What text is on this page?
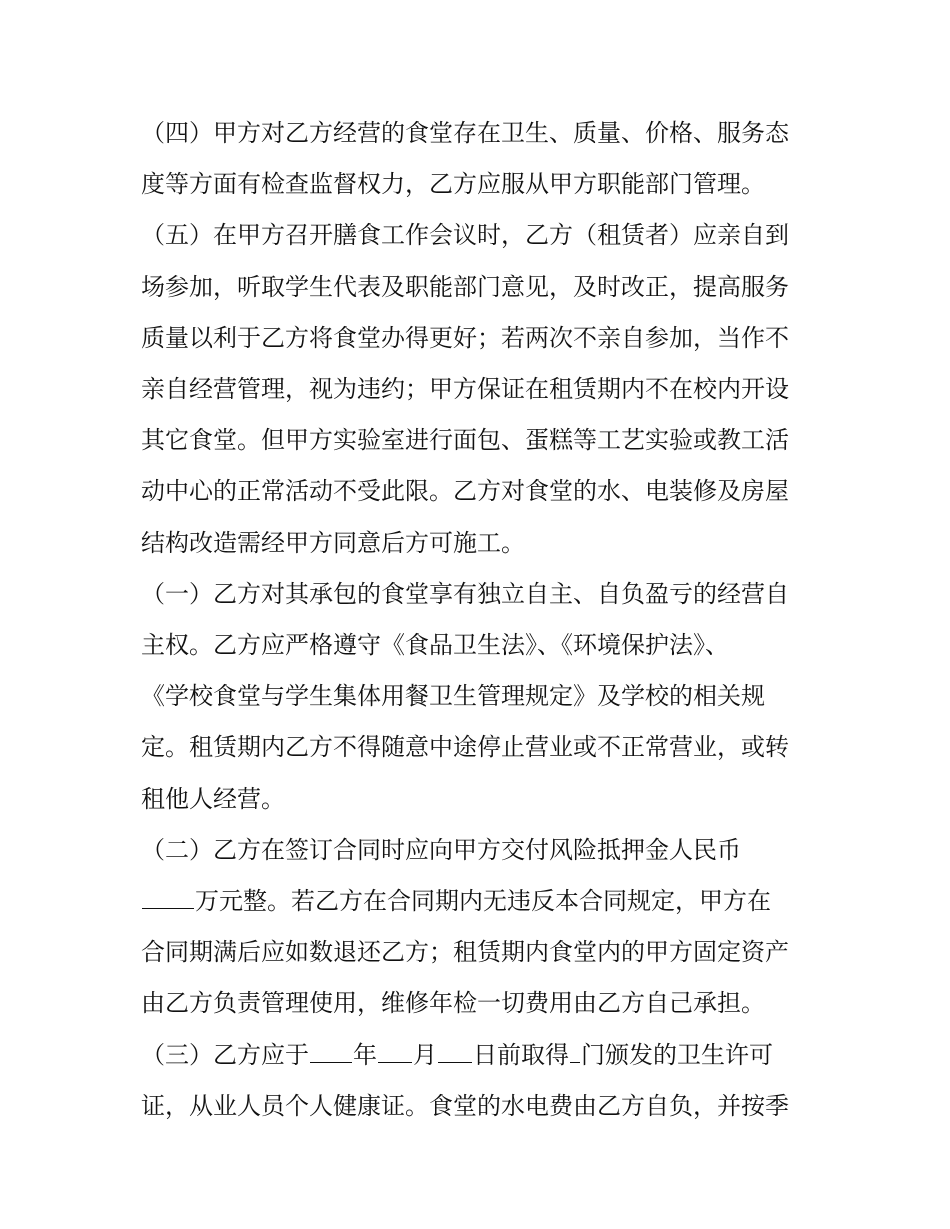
（四）甲方对乙方经营的食堂存在卫生、质量、价格、服务态
度等方面有检查监督权力，乙方应服从甲方职能部门管理。
（五）在甲方召开膳食工作会议时，乙方（租赁者）应亲自到
场参加，听取学生代表及职能部门意见，及时改正，提高服务
质量以利于乙方将食堂办得更好；若两次不亲自参加，当作不
亲自经营管理，视为违约；甲方保证在租赁期内不在校内开设
其它食堂。但甲方实验室进行面包、蛋糕等工艺实验或教工活
动中心的正常活动不受此限。乙方对食堂的水、电装修及房屋
结构改造需经甲方同意后方可施工。
（一）乙方对其承包的食堂享有独立自主、自负盈亏的经营自
主权。乙方应严格遵守《食品卫生法》、《环境保护法》、
《学校食堂与学生集体用餐卫生管理规定》及学校的相关规
定。租赁期内乙方不得随意中途停止营业或不正常营业，或转
租他人经营。
（二）乙方在签订合同时应向甲方交付风险抵押金人民币
万元整。若乙方在合同期内无违反本合同规定，甲方在
合同期满后应如数退还乙方；租赁期内食堂内的甲方固定资产
由乙方负责管理使用，维修年检一切费用由乙方自己承担。
（三）乙方应于 年 月 日前取得 门颁发的卫生许可
证，从业人员个人健康证。食堂的水电费由乙方自负，并按季
